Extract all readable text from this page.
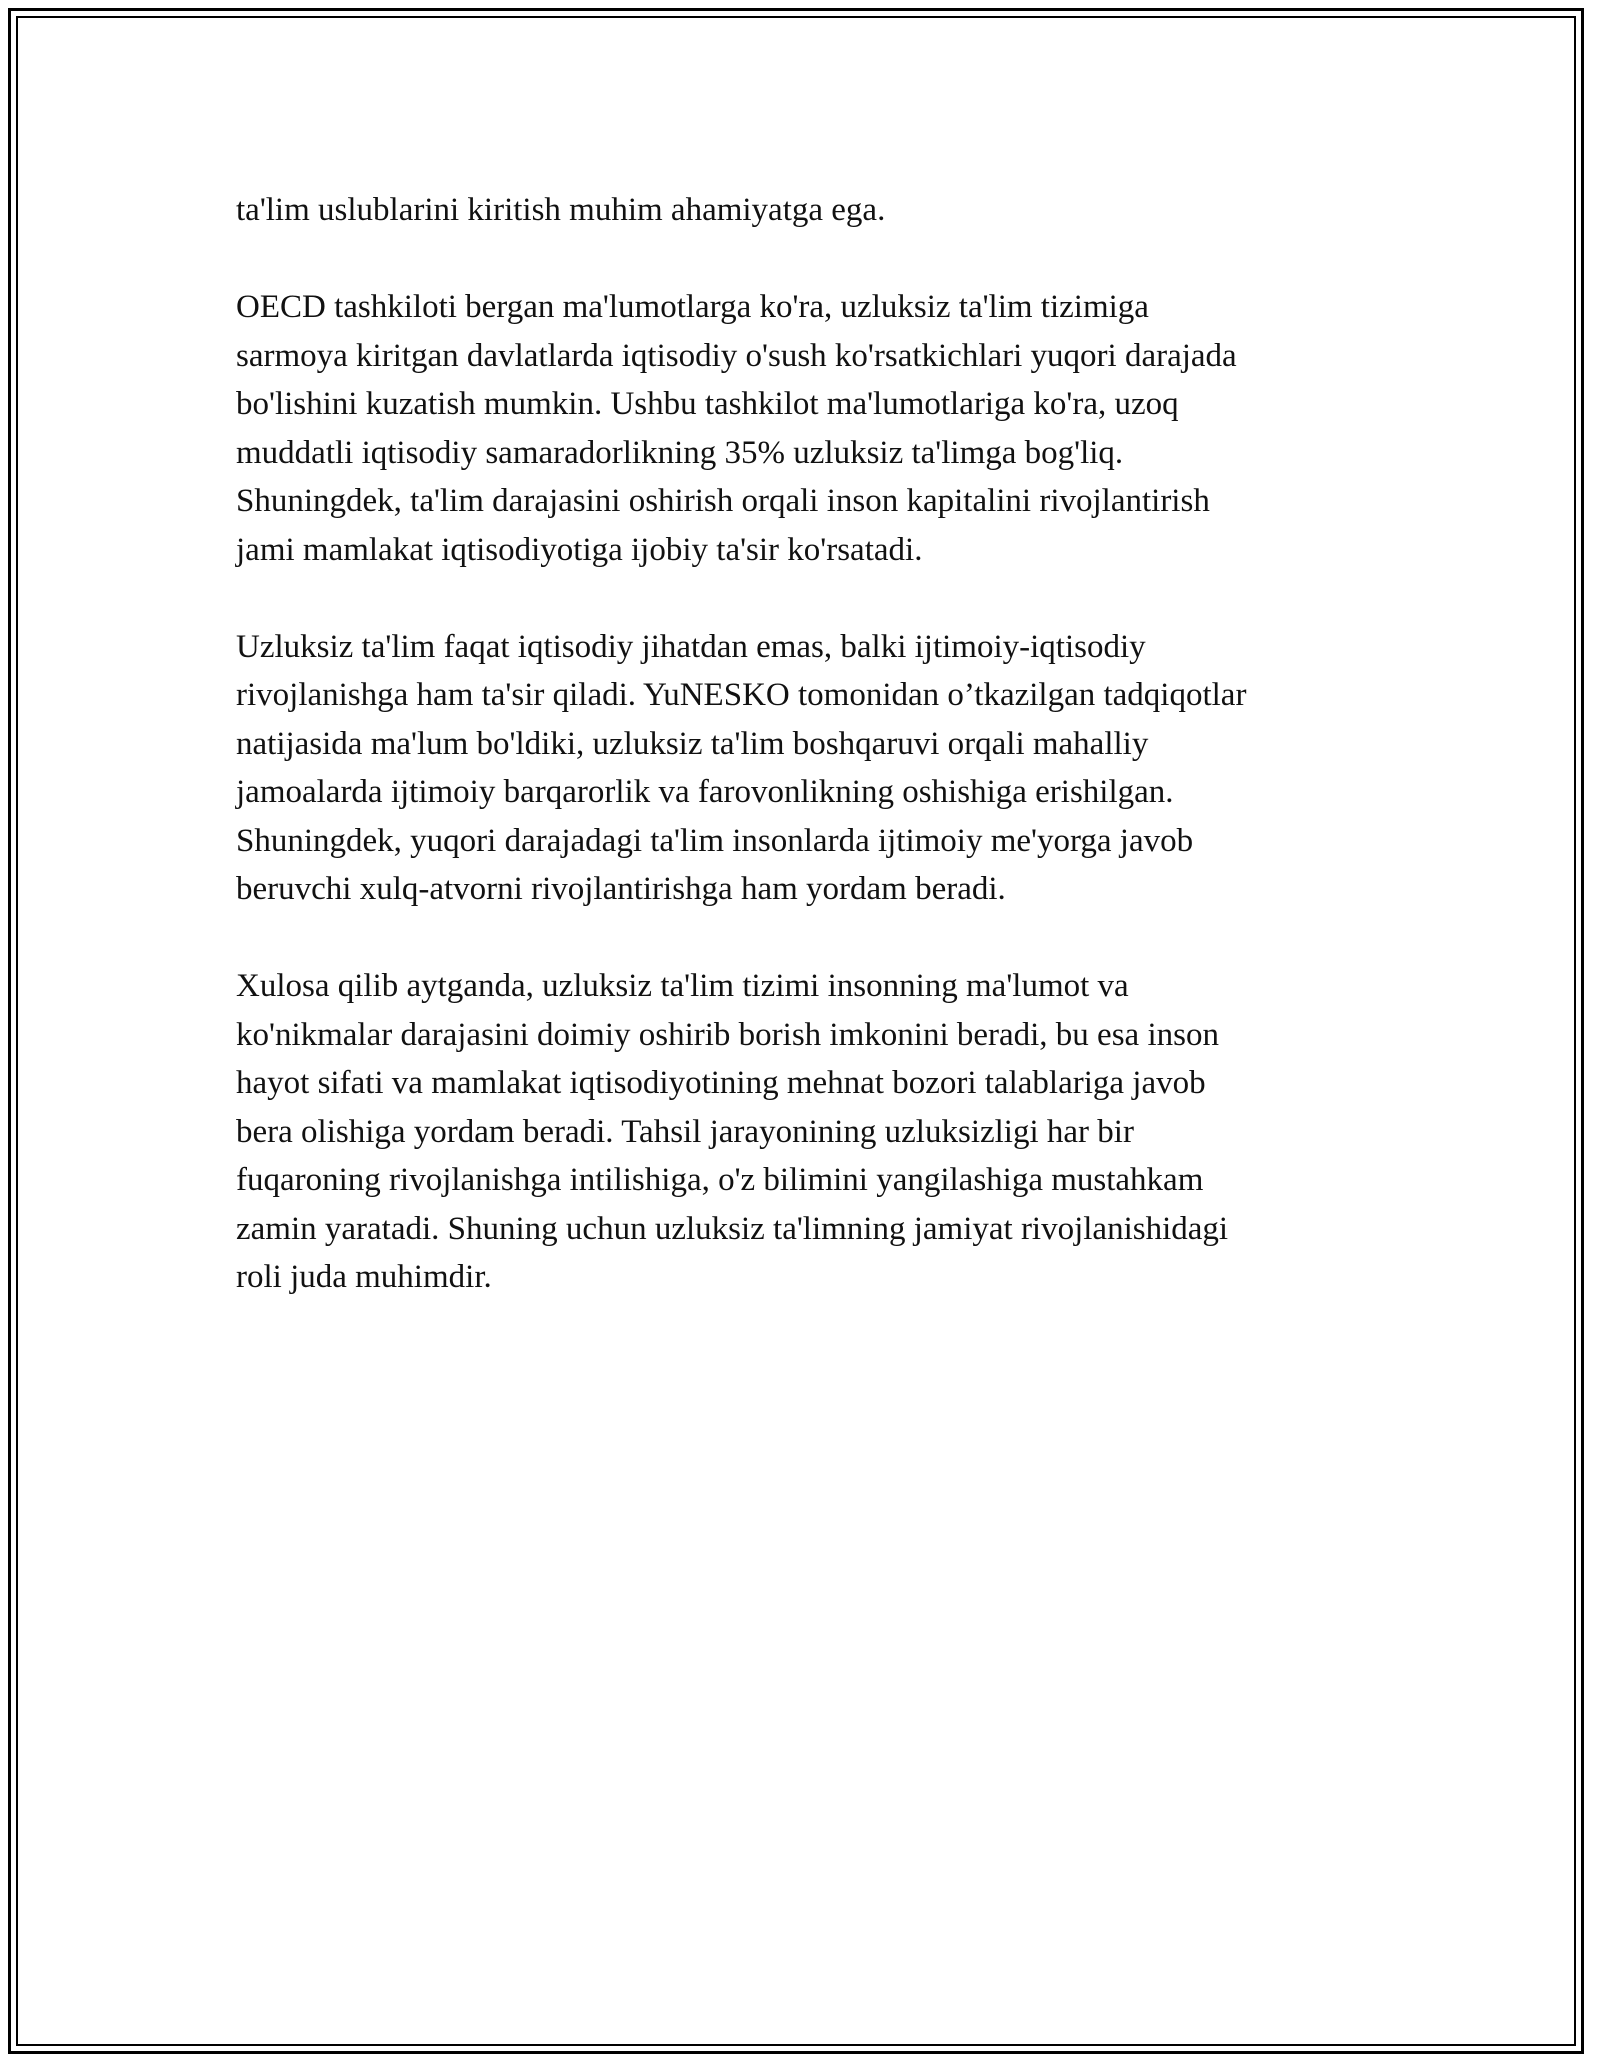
ta'lim uslublarini kiritish muhim ahamiyatga ega.
OECD tashkiloti bergan ma'lumotlarga ko'ra, uzluksiz ta'lim tizimiga
sarmoya kiritgan davlatlarda iqtisodiy o'sush ko'rsatkichlari yuqori darajada
bo'lishini kuzatish mumkin. Ushbu tashkilot ma'lumotlariga ko'ra, uzoq
muddatli iqtisodiy samaradorlikning 35% uzluksiz ta'limga bog'liq.
Shuningdek, ta'lim darajasini oshirish orqali inson kapitalini rivojlantirish
jami mamlakat iqtisodiyotiga ijobiy ta'sir ko'rsatadi.
Uzluksiz ta'lim faqat iqtisodiy jihatdan emas, balki ijtimoiy-iqtisodiy
rivojlanishga ham ta'sir qiladi. YuNESKO tomonidan o’tkazilgan tadqiqotlar
natijasida ma'lum bo'ldiki, uzluksiz ta'lim boshqaruvi orqali mahalliy
jamoalarda ijtimoiy barqarorlik va farovonlikning oshishiga erishilgan.
Shuningdek, yuqori darajadagi ta'lim insonlarda ijtimoiy me'yorga javob
beruvchi xulq-atvorni rivojlantirishga ham yordam beradi.
Xulosa qilib aytganda, uzluksiz ta'lim tizimi insonning ma'lumot va
ko'nikmalar darajasini doimiy oshirib borish imkonini beradi, bu esa inson
hayot sifati va mamlakat iqtisodiyotining mehnat bozori talablariga javob
bera olishiga yordam beradi. Tahsil jarayonining uzluksizligi har bir
fuqaroning rivojlanishga intilishiga, o'z bilimini yangilashiga mustahkam
zamin yaratadi. Shuning uchun uzluksiz ta'limning jamiyat rivojlanishidagi
roli juda muhimdir.
